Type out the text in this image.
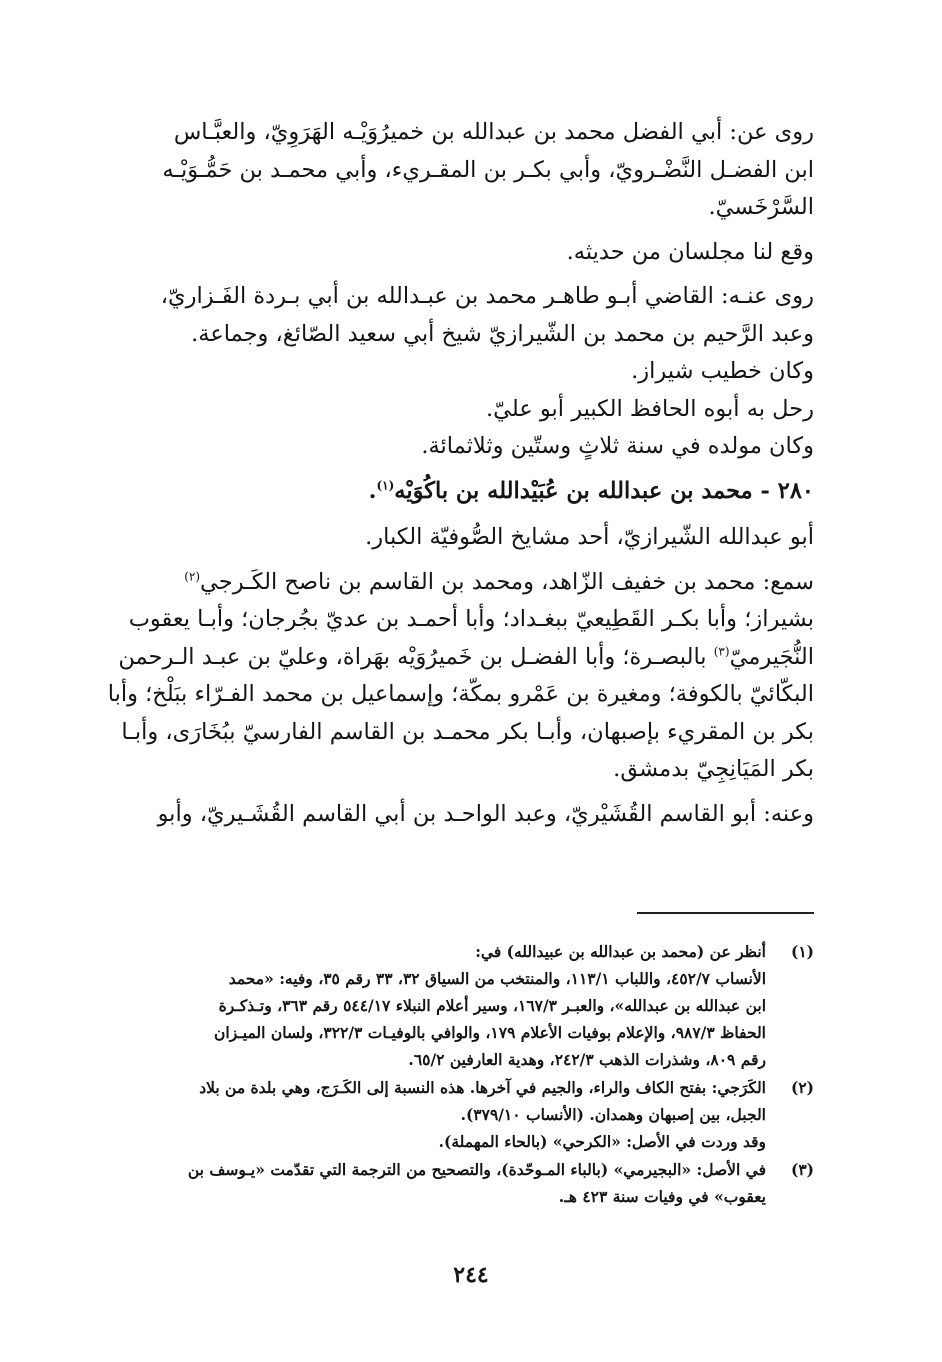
روى عن: أبي الفضل محمد بن عبدالله بن خميرُوَيْـه الهَرَوِيّ، والعبَّـاس
ابن الفضـل النَّضْـرويّ، وأبي بكـر بن المقـريء، وأبي محمـد بن حَمُّـوَيْـه
السَّرْخَسيّ.

وقع لنا مجلسان من حديثه.

روى عنـه: القاضي أبـو طاهـر محمد بن عبـدالله بن أبي بـردة الفَـزاريّ،
وعبد الرَّحيم بن محمد بن الشّيرازيّ شيخ أبي سعيد الصّائغ، وجماعة.

وكان خطيب شيراز.

رحل به أبوه الحافظ الكبير أبو عليّ.

وكان مولده في سنة ثلاثٍ وستّين وثلاثمائة.

٢٨٠ - محمد بن عبدالله بن عُبَيْدالله بن باكُوَيْه$^{(١)}$.

أبو عبدالله الشّيرازيّ، أحد مشايخ الصُّوفيّة الكبار.

سمع: محمد بن خفيف الزّاهد، ومحمد بن القاسم بن ناصح الكَـرجي$^{(٢)}$
بشيراز؛ وأبا بكـر القَطِيعيّ ببغـداد؛ وأبا أحمـد بن عديّ بجُرجان؛ وأبـا يعقوب
النُّجَيرميّ$^{(٣)}$ بالبصـرة؛ وأبا الفضـل بن خَميرُوَيْه بهَراة، وعليّ بن عبـد الـرحمن
البكّائيّ بالكوفة؛ ومغيرة بن عَمْرو بمكّة؛ وإسماعيل بن محمد الفـرّاء ببَلْخ؛ وأبا
بكر بن المقريء بإصبهان، وأبـا بكر محمـد بن القاسم الفارسيّ ببُخَارَى، وأبـا
بكر المَيَانِجِيّ بدمشق.

وعنه: أبو القاسم القُشَيْريّ، وعبد الواحـد بن أبي القاسم القُشَـيريّ، وأبو

(١)
أنظر عن (محمد بن عبدالله بن عبيدالله) في:
الأنساب ٤٥٢/٧، واللباب ١١٣/١، والمنتخب من السياق ٣٢، ٣٣ رقم ٣٥، وفيه: «محمد
ابن عبدالله بن عبدالله»، والعبـر ١٦٧/٣، وسير أعلام النبلاء ٥٤٤/١٧ رقم ٣٦٣، وتـذكـرة
الحفاظ ٩٨٧/٣، والإعلام بوفيات الأعلام ١٧٩، والوافي بالوفيـات ٣٢٢/٣، ولسان الميـزان
رقم ٨٠٩، وشذرات الذهب ٢٤٢/٣، وهدية العارفين ٦٥/٢.
(٢)
الكَرَجي: بفتح الكاف والراء، والجيم في آخرها. هذه النسبة إلى الكَـرَج، وهي بلدة من بلاد
الجبل، بين إصبهان وهمدان. (الأنساب ٣٧٩/١٠).
وقد وردت في الأصل: «الكرحي» (بالحاء المهملة).
(٣)
في الأصل: «البجيرمي» (بالباء المـوحّدة)، والتصحيح من الترجمة التي تقدّمت «يـوسف بن
يعقوب» في وفيات سنة ٤٢٣ هـ.
٢٤٤
